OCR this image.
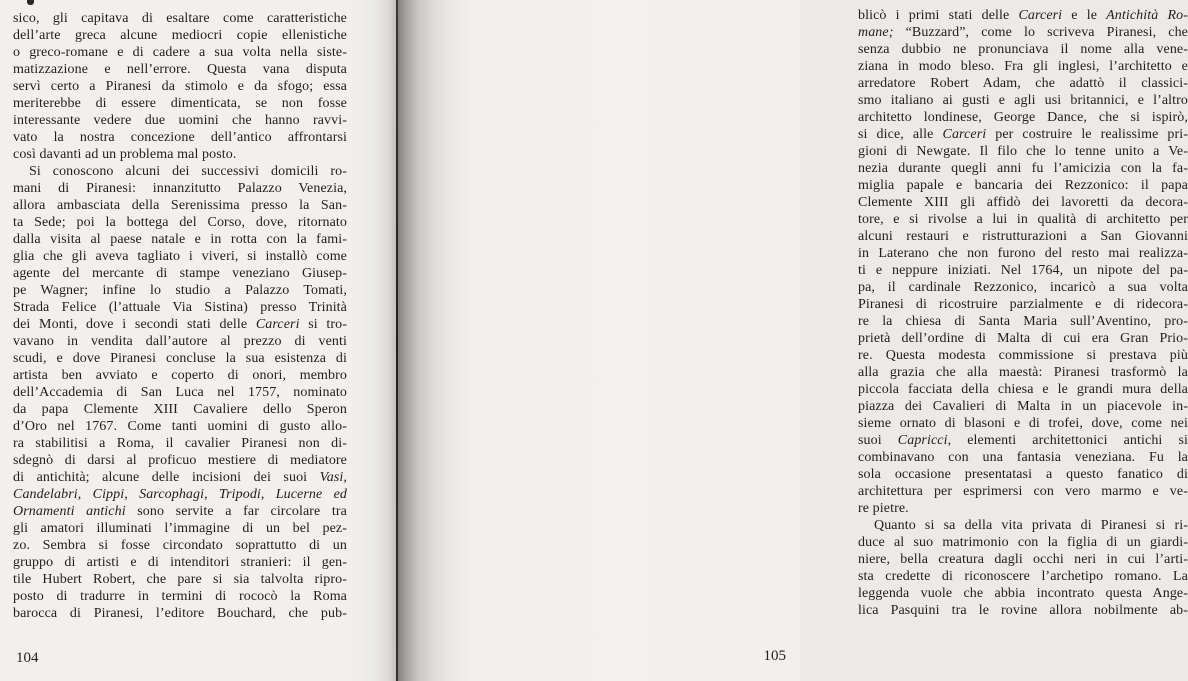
sico, gli capitava di esaltare come caratteristiche
dell’arte greca alcune mediocri copie ellenistiche
o greco-romane e di cadere a sua volta nella siste-
matizzazione e nell’errore. Questa vana disputa
servì certo a Piranesi da stimolo e da sfogo; essa
meriterebbe di essere dimenticata, se non fosse
interessante vedere due uomini che hanno ravvi-
vato la nostra concezione dell’antico affrontarsi
così davanti ad un problema mal posto.
Si conoscono alcuni dei successivi domicili ro-
mani di Piranesi: innanzitutto Palazzo Venezia,
allora ambasciata della Serenissima presso la San-
ta Sede; poi la bottega del Corso, dove, ritornato
dalla visita al paese natale e in rotta con la fami-
glia che gli aveva tagliato i viveri, si installò come
agente del mercante di stampe veneziano Giusep-
pe Wagner; infine lo studio a Palazzo Tomati,
Strada Felice (l’attuale Via Sistina) presso Trinità
dei Monti, dove i secondi stati delle Carceri si tro-
vavano in vendita dall’autore al prezzo di venti
scudi, e dove Piranesi concluse la sua esistenza di
artista ben avviato e coperto di onori, membro
dell’Accademia di San Luca nel 1757, nominato
da papa Clemente XIII Cavaliere dello Speron
d’Oro nel 1767. Come tanti uomini di gusto allo-
ra stabilitisi a Roma, il cavalier Piranesi non di-
sdegnò di darsi al proficuo mestiere di mediatore
di antichità; alcune delle incisioni dei suoi Vasi,
Candelabri, Cippi, Sarcophagi, Tripodi, Lucerne ed
Ornamenti antichi sono servite a far circolare tra
gli amatori illuminati l’immagine di un bel pez-
zo. Sembra si fosse circondato soprattutto di un
gruppo di artisti e di intenditori stranieri: il gen-
tile Hubert Robert, che pare si sia talvolta ripro-
posto di tradurre in termini di rococò la Roma
barocca di Piranesi, l’editore Bouchard, che pub-
104
blicò i primi stati delle Carceri e le Antichità Ro-
mane; “Buzzard”, come lo scriveva Piranesi, che
senza dubbio ne pronunciava il nome alla vene-
ziana in modo bleso. Fra gli inglesi, l’architetto e
arredatore Robert Adam, che adattò il classici-
smo italiano ai gusti e agli usi britannici, e l’altro
architetto londinese, George Dance, che si ispirò,
si dice, alle Carceri per costruire le realissime pri-
gioni di Newgate. Il filo che lo tenne unito a Ve-
nezia durante quegli anni fu l’amicizia con la fa-
miglia papale e bancaria dei Rezzonico: il papa
Clemente XIII gli affidò dei lavoretti da decora-
tore, e si rivolse a lui in qualità di architetto per
alcuni restauri e ristrutturazioni a San Giovanni
in Laterano che non furono del resto mai realizza-
ti e neppure iniziati. Nel 1764, un nipote del pa-
pa, il cardinale Rezzonico, incaricò a sua volta
Piranesi di ricostruire parzialmente e di ridecora-
re la chiesa di Santa Maria sull’Aventino, pro-
prietà dell’ordine di Malta di cui era Gran Prio-
re. Questa modesta commissione si prestava più
alla grazia che alla maestà: Piranesi trasformò la
piccola facciata della chiesa e le grandi mura della
piazza dei Cavalieri di Malta in un piacevole in-
sieme ornato di blasoni e di trofei, dove, come nei
suoi Capricci, elementi architettonici antichi si
combinavano con una fantasia veneziana. Fu la
sola occasione presentatasi a questo fanatico di
architettura per esprimersi con vero marmo e ve-
re pietre.
Quanto si sa della vita privata di Piranesi si ri-
duce al suo matrimonio con la figlia di un giardi-
niere, bella creatura dagli occhi neri in cui l’arti-
sta credette di riconoscere l’archetipo romano. La
leggenda vuole che abbia incontrato questa Ange-
lica Pasquini tra le rovine allora nobilmente ab-
105
